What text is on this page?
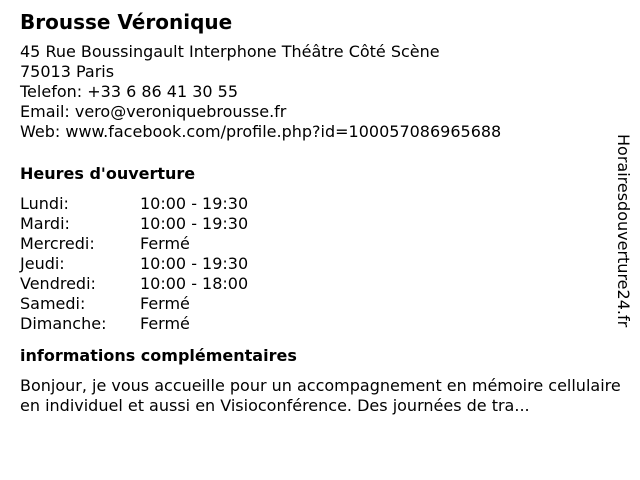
Brousse Véronique
45 Rue Boussingault Interphone Théâtre Côté Scène
75013 Paris
Telefon: +33 6 86 41 30 55
Email: vero@veroniquebrousse.fr
Web: www.facebook.com/profile.php?id=100057086965688
Heures d'ouverture
Lundi:	10:00 - 19:30
Mardi:	10:00 - 19:30
Mercredi:	Fermé
Jeudi:	10:00 - 19:30
Vendredi:	10:00 - 18:00
Samedi:	Fermé
Dimanche:	Fermé
informations complémentaires
Bonjour, je vous accueille pour un accompagnement en mémoire cellulaire en individuel et aussi en Visioconférence. Des journées de tra...
Horairesdouverture24.fr
